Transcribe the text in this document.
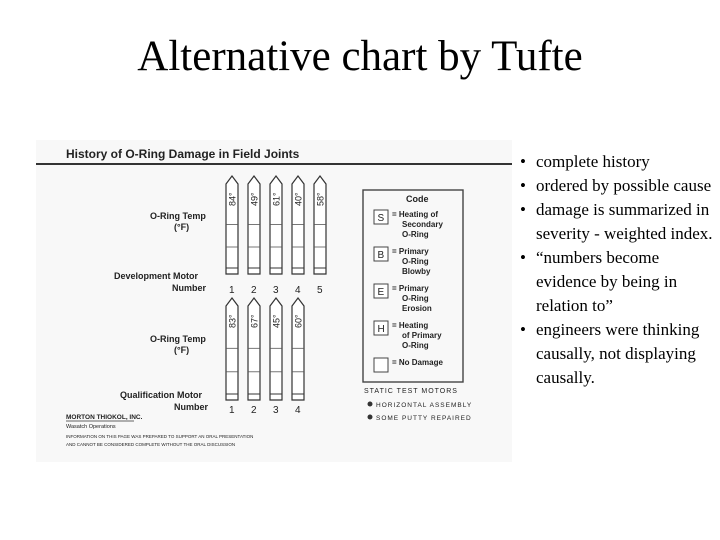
Alternative chart by Tufte
History of O-Ring Damage in Field Joints
O-Ring Temp
(°F)
Development Motor
Number
84°
1
49°
2
61°
3
40°
4
58°
5
O-Ring Temp
(°F)
Qualification Motor
Number
83°
1
67°
2
45°
3
60°
4
Code
S = Heating of
Secondary
O-Ring
B = Primary
O-Ring
Blowby
E = Primary
O-Ring
Erosion
H = Heating
of Primary
O-Ring
= No Damage
STATIC TEST MOTORS
HORIZONTAL ASSEMBLY
SOME PUTTY REPAIRED
MORTON THIOKOL, INC.
Wasatch Operations
INFORMATION ON THIS PAGE WAS PREPARED TO SUPPORT AN ORAL PRESENTATION
AND CANNOT BE CONSIDERED COMPLETE WITHOUT THE ORAL DISCUSSION
• complete history
• ordered by possible cause
• damage is summarized in severity - weighted index.
• “numbers become evidence by being in relation to”
• engineers were thinking causally, not displaying causally.
